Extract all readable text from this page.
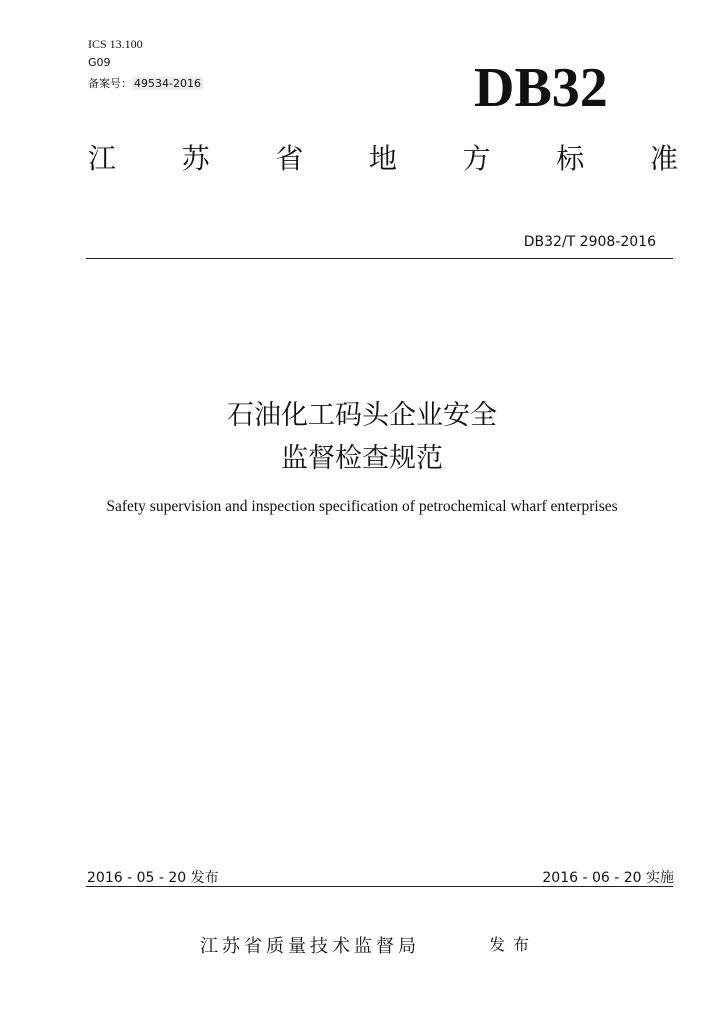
ICS 13.100
G09
备案号： 49534-2016	DB32
江 苏 省 地 方 标 准
DB32/T 2908-2016
石油化工码头企业安全
监督检查规范
Safety supervision and inspection specification of petrochemical wharf enterprises
2016 - 05 - 20 发布	2016 - 06 - 20 实施
江苏省质量技术监督局	发布
